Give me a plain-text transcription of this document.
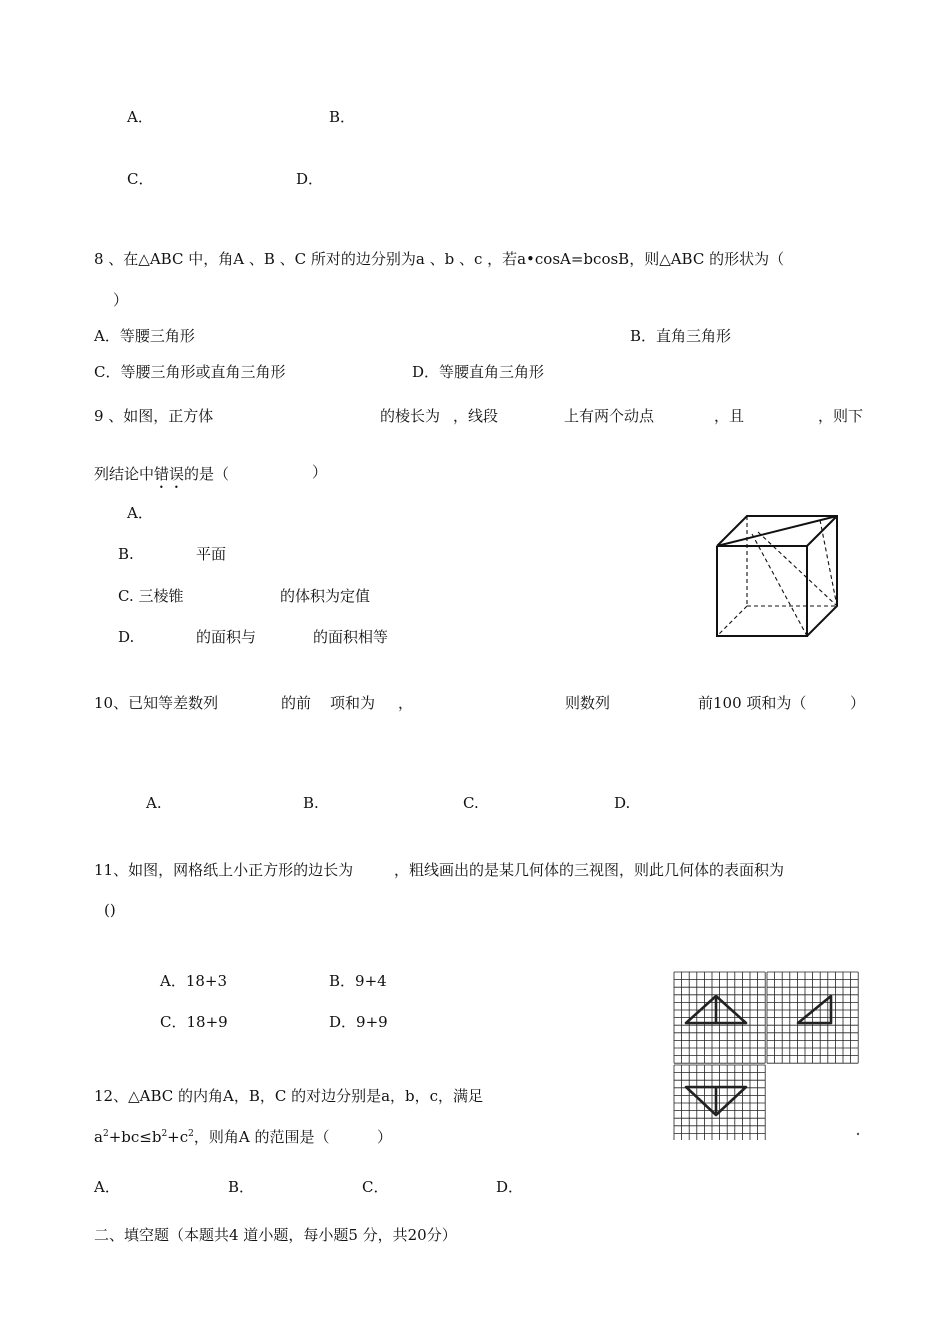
A．	B．
C．	D．
8 、在△ABC 中，角A 、B 、C 所对的边分别为a 、b 、c ，若a•cosA=bcosB，则△ABC 的形状为（
）
A．等腰三角形	B．直角三角形
C．等腰三角形或直角三角形	D．等腰直角三角形
9 、如图，正方体	的棱长为 ，线段	上有两个动点	，且	，则下
列结论中错误的是（	）
A．
B.	平面
C. 三棱锥	的体积为定值
D.	的面积与	的面积相等
10、已知等差数列	的前 项和为 ，	则数列	前100 项和为（	）
A.	B.	C.	D.
11、如图，网格纸上小正方形的边长为	，粗线画出的是某几何体的三视图，则此几何体的表面积为
()
A．18+3	B．9+4
C．18+9	D．9+9
12、△ABC 的内角A，B，C 的对边分别是a，b，c，满足
$a^2+bc\le b^2+c^2$，则角A 的范围是（	）
A．	B．	C．	D．
二、填空题（本题共4 道小题，每小题5 分，共20分）
